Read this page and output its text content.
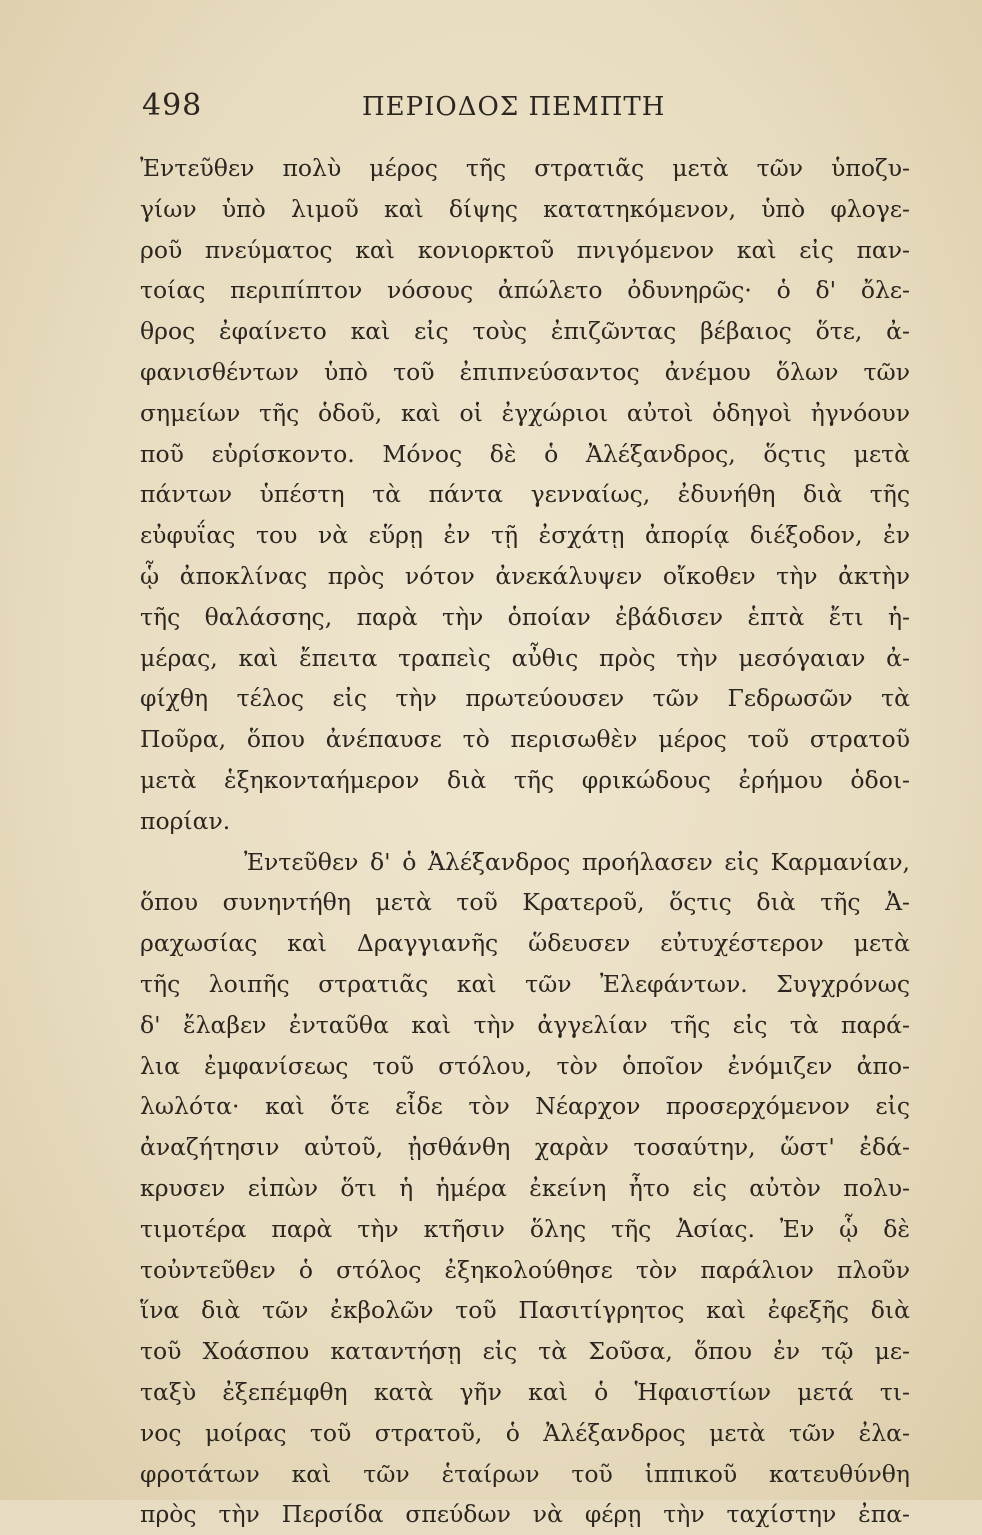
498	ΠΕΡΙΟΔΟΣ ΠΕΜΠΤΗ
Ἐντεῦθεν πολὺ μέρος τῆς στρατιᾶς μετὰ τῶν ὑποζυ-
γίων ὑπὸ λιμοῦ καὶ δίψης κατατηκόμενον, ὑπὸ φλογε-
ροῦ πνεύματος καὶ κονιορκτοῦ πνιγόμενον καὶ εἰς παν-
τοίας περιπίπτον νόσους ἀπώλετο ὀδυνηρῶς· ὁ δ' ὄλε-
θρος ἐφαίνετο καὶ εἰς τοὺς ἐπιζῶντας βέβαιος ὅτε, ἀ-
φανισθέντων ὑπὸ τοῦ ἐπιπνεύσαντος ἀνέμου ὅλων τῶν
σημείων τῆς ὁδοῦ, καὶ οἱ ἐγχώριοι αὐτοὶ ὁδηγοὶ ἠγνόουν
ποῦ εὑρίσκοντο. Μόνος δὲ ὁ Ἀλέξανδρος, ὅςτις μετὰ
πάντων ὑπέστη τὰ πάντα γενναίως, ἐδυνήθη διὰ τῆς
εὐφυΐας του νὰ εὕρῃ ἐν τῇ ἐσχάτῃ ἀπορίᾳ διέξοδον, ἐν
ᾧ ἀποκλίνας πρὸς νότον ἀνεκάλυψεν οἴκοθεν τὴν ἀκτὴν
τῆς θαλάσσης, παρὰ τὴν ὁποίαν ἐβάδισεν ἑπτὰ ἔτι ἡ-
μέρας, καὶ ἔπειτα τραπεὶς αὖθις πρὸς τὴν μεσόγαιαν ἀ-
φίχθη τέλος εἰς τὴν πρωτεύουσεν τῶν Γεδρωσῶν τὰ
Ποῦρα, ὅπου ἀνέπαυσε τὸ περισωθὲν μέρος τοῦ στρατοῦ
μετὰ ἑξηκονταήμερον διὰ τῆς φρικώδους ἐρήμου ὁδοι-
πορίαν.
Ἐντεῦθεν δ' ὁ Ἀλέξανδρος προήλασεν εἰς Καρμανίαν,
ὅπου συνηντήθη μετὰ τοῦ Κρατεροῦ, ὅςτις διὰ τῆς Ἀ-
ραχωσίας καὶ Δραγγιανῆς ὥδευσεν εὐτυχέστερον μετὰ
τῆς λοιπῆς στρατιᾶς καὶ τῶν Ἐλεφάντων. Συγχρόνως
δ' ἔλαβεν ἐνταῦθα καὶ τὴν ἀγγελίαν τῆς εἰς τὰ παρά-
λια ἐμφανίσεως τοῦ στόλου, τὸν ὁποῖον ἐνόμιζεν ἀπο-
λωλότα· καὶ ὅτε εἶδε τὸν Νέαρχον προσερχόμενον εἰς
ἀναζήτησιν αὐτοῦ, ᾐσθάνθη χαρὰν τοσαύτην, ὥστ' ἐδά-
κρυσεν εἰπὼν ὅτι ἡ ἡμέρα ἐκείνη ἦτο εἰς αὐτὸν πολυ-
τιμοτέρα παρὰ τὴν κτῆσιν ὅλης τῆς Ἀσίας. Ἐν ᾧ δὲ
τοὐντεῦθεν ὁ στόλος ἐξηκολούθησε τὸν παράλιον πλοῦν
ἵνα διὰ τῶν ἐκβολῶν τοῦ Πασιτίγρητος καὶ ἐφεξῆς διὰ
τοῦ Χοάσπου καταντήσῃ εἰς τὰ Σοῦσα, ὅπου ἐν τῷ με-
ταξὺ ἐξεπέμφθη κατὰ γῆν καὶ ὁ Ἡφαιστίων μετά τι-
νος μοίρας τοῦ στρατοῦ, ὁ Ἀλέξανδρος μετὰ τῶν ἐλα-
φροτάτων καὶ τῶν ἑταίρων τοῦ ἱππικοῦ κατευθύνθη
πρὸς τὴν Περσίδα σπεύδων νὰ φέρῃ τὴν ταχίστην ἐπα-
